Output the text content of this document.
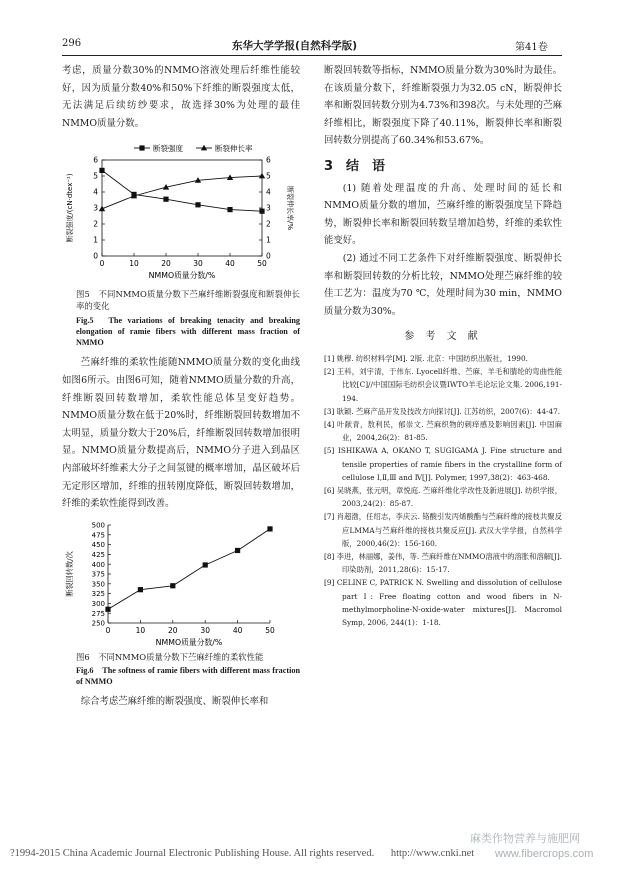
296	东华大学学报(自然科学版)	第41卷

考虑，质量分数30%的NMMO溶液处理后纤维性能较好，因为质量分数40%和50%下纤维的断裂强度太低，无法满足后续纺纱要求，故选择30%为处理的最佳NMMO质量分数。

0	10	20	30	40	50
0
1
2
3
4
5
6
0
1
2
3
4
5
6
NMMO质量分数/%
断裂强度/(cN·dtex⁻¹)	断裂伸长率/%
断裂强度	断裂伸长率

图5　不同NMMO质量分数下苎麻纤维断裂强度和断裂伸长率的变化

Fig.5　The variations of breaking tenacity and breaking elongation of ramie fibers with different mass fraction of NMMO

苎麻纤维的柔软性能随NMMO质量分数的变化曲线如图6所示。由图6可知，随着NMMO质量分数的升高，纤维断裂回转数增加，柔软性能总体呈变好趋势。NMMO质量分数在低于20%时，纤维断裂回转数增加不太明显，质量分数大于20%后，纤维断裂回转数增加很明显。NMMO质量分数提高后，NMMO分子进入到晶区内部破坏纤维素大分子之间氢键的概率增加，晶区破坏后无定形区增加，纤维的扭转刚度降低，断裂回转数增加，纤维的柔软性能得到改善。

0	10	20	30	40	50
250
275
300
325
350
375
400
425
450
475
500
NMMO质量分数/%
断裂回转数/次

图6　不同NMMO质量分数下苎麻纤维的柔软性能

Fig.6　The softness of ramie fibers with different mass fraction of NMMO

综合考虑苎麻纤维的断裂强度、断裂伸长率和

断裂回转数等指标，NMMO质量分数为30%时为最佳。在该质量分数下，纤维断裂强力为32.05 cN，断裂伸长率和断裂回转数分别为4.73%和398次。与未处理的苎麻纤维相比，断裂强度下降了40.11%，断裂伸长率和断裂回转数分别提高了60.34%和53.67%。

3　结　语

(1) 随着处理温度的升高、处理时间的延长和NMMO质量分数的增加，苎麻纤维的断裂强度呈下降趋势，断裂伸长率和断裂回转数呈增加趋势，纤维的柔软性能变好。

(2) 通过不同工艺条件下对纤维断裂强度、断裂伸长率和断裂回转数的分析比较，NMMO处理苎麻纤维的较佳工艺为：温度为70 ℃，处理时间为30 min，NMMO质量分数为30%。

参 考 文 献

[1] 姚穆. 纺织材料学[M]. 2版. 北京：中国纺织出版社，1990.

[2] 王科，刘宇清，于伟东. Lyocell纤维、苎麻、羊毛和腈纶的弯曲性能比较[C]//中国国际毛纺织会议暨IWTO羊毛论坛论文集. 2006,191-194.

[3] 耿颖. 苎麻产品开发及技改方向探讨[J]. 江苏纺织，2007(6)：44-47.

[4] 叶献青，敖利民，郁崇文. 苎麻织物的刺痒感及影响因素[J]. 中国麻业，2004,26(2)：81-85.

[5] ISHIKAWA A, OKANO T, SUGIGAMA J. Fine structure and tensile properties of ramie fibers in the crystalline form of cellulose Ⅰ,Ⅱ,Ⅲ and Ⅳ[J]. Polymer, 1997,38(2)：463-468.

[6] 吴晓燕，张元明，章悦庭. 苎麻纤维化学改性及新进展[J]. 纺织学报，2003,24(2)：85-87.

[7] 肖超渤，任绍志，李庆云. 铬酸引发丙烯酸酯与苎麻纤维的接枝共聚反应LMMA与苎麻纤维的接枝共聚反应[J]. 武汉大学学报，自然科学版，2000,46(2)：156-160.

[8] 李进，林丽娜，姜伟，等. 苎麻纤维在NMMO溶液中的溶胀和溶解[J]. 印染助剂，2011,28(6)：15-17.

[9] CELINE C, PATRICK N. Swelling and dissolution of cellulose part Ⅰ: Free floating cotton and wood fibers in N-methylmorpholine-N-oxide-water mixtures[J]. Macromol Symp, 2006, 244(1)：1-18.

?1994-2015 China Academic Journal Electronic Publishing House. All rights reserved. http://www.cnki.net
麻类作物营养与施肥网
www.fibercrops.com
